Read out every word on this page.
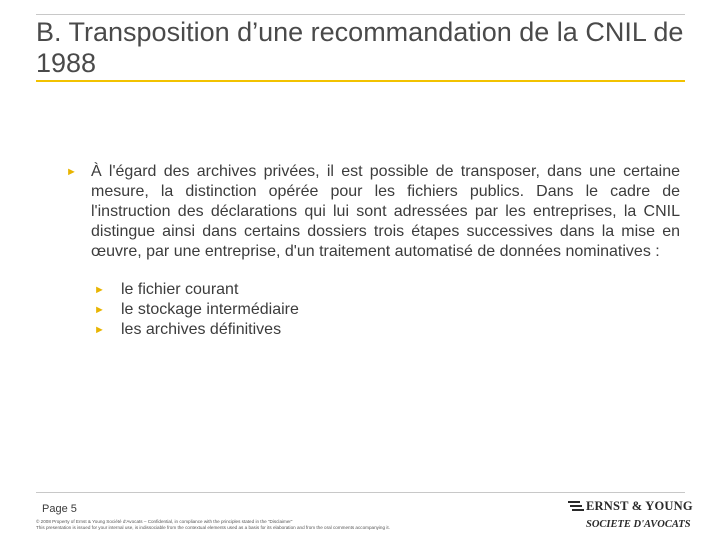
B. Transposition d’une recommandation de la CNIL de 1988
► À l'égard des archives privées, il est possible de transposer, dans une certaine mesure, la distinction opérée pour les fichiers publics. Dans le cadre de l'instruction des déclarations qui lui sont adressées par les entreprises, la CNIL distingue ainsi dans certains dossiers trois étapes successives dans la mise en œuvre, par une entreprise, d'un traitement automatisé de données nominatives :

►	le fichier courant
►	le stockage intermédiaire
►	les archives définitives
Page 5
© 2008 Property of Ernst & Young Société d'Avocats – Confidential, in compliance with the principles stated in the “Disclaimer”
This presentation is issued for your internal use, is indissociable from the contextual elements used as a basis for its elaboration and from the oral comments accompanying it.
ERNST & YOUNG
SOCIETE D'AVOCATS
